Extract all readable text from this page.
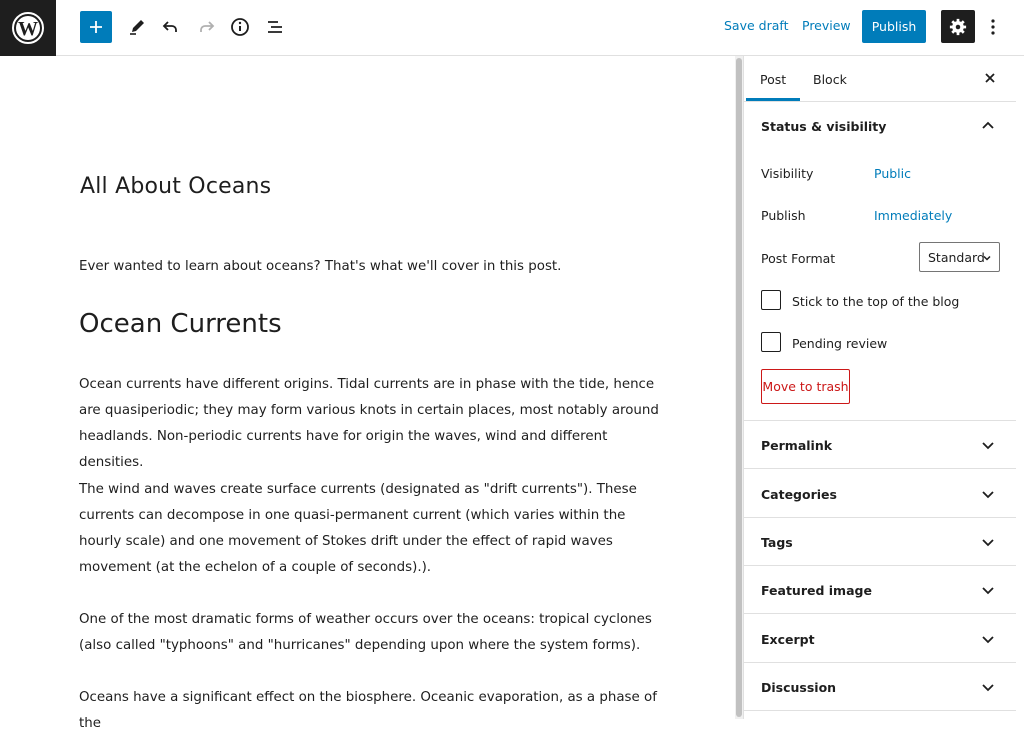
W	Save draft Preview	Publish
All About Oceans
Ever wanted to learn about oceans? That's what we'll cover in this post.
Ocean Currents
Ocean currents have different origins. Tidal currents are in phase with the tide, hence are quasiperiodic; they may form various knots in certain places, most notably around headlands. Non-periodic currents have for origin the waves, wind and different densities.
The wind and waves create surface currents (designated as "drift currents"). These currents can decompose in one quasi-permanent current (which varies within the hourly scale) and one movement of Stokes drift under the effect of rapid waves movement (at the echelon of a couple of seconds).).
One of the most dramatic forms of weather occurs over the oceans: tropical cyclones (also called "typhoons" and "hurricanes" depending upon where the system forms).
Oceans have a significant effect on the biosphere. Oceanic evaporation, as a phase of the
Post Block
Status & visibility
Visibility	Public
Publish	Immediately
Post Format	Standard
Stick to the top of the blog
Pending review
Move to trash
Permalink
Categories
Tags
Featured image
Excerpt
Discussion
